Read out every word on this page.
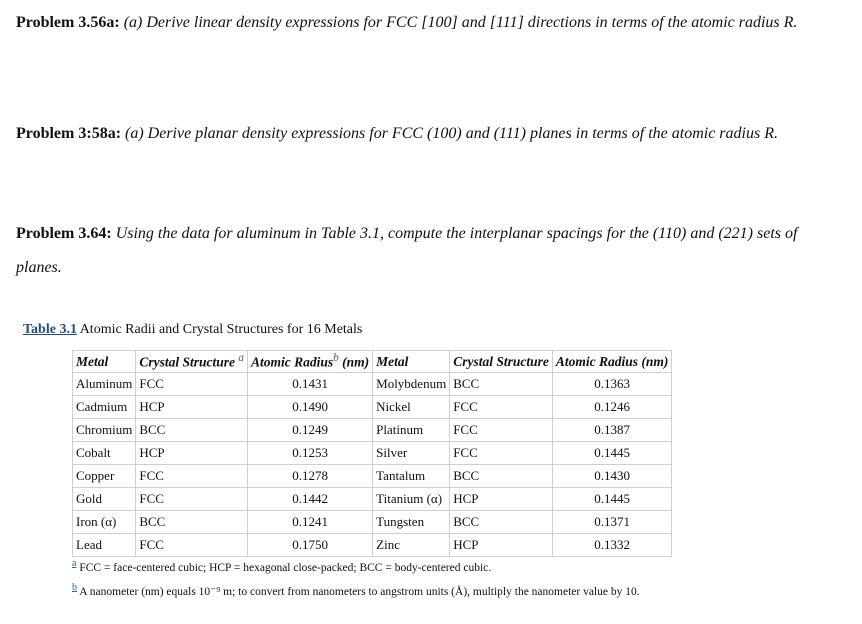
Problem 3.56a: (a) Derive linear density expressions for FCC [100] and [111] directions in terms of the atomic radius R.
Problem 3:58a: (a) Derive planar density expressions for FCC (100) and (111) planes in terms of the atomic radius R.
Problem 3.64: Using the data for aluminum in Table 3.1, compute the interplanar spacings for the (110) and (221) sets of planes.
Table 3.1 Atomic Radii and Crystal Structures for 16 Metals
Metal	Crystal Structure $^a$	Atomic Radius$^b$ (nm)	Metal	Crystal Structure	Atomic Radius (nm)
Aluminum	FCC	0.1431	Molybdenum	BCC	0.1363
Cadmium	HCP	0.1490	Nickel	FCC	0.1246
Chromium	BCC	0.1249	Platinum	FCC	0.1387
Cobalt	HCP	0.1253	Silver	FCC	0.1445
Copper	FCC	0.1278	Tantalum	BCC	0.1430
Gold	FCC	0.1442	Titanium (α)	HCP	0.1445
Iron (α)	BCC	0.1241	Tungsten	BCC	0.1371
Lead	FCC	0.1750	Zinc	HCP	0.1332
a FCC = face-centered cubic; HCP = hexagonal close-packed; BCC = body-centered cubic.
b A nanometer (nm) equals 10⁻⁹ m; to convert from nanometers to angstrom units (Å), multiply the nanometer value by 10.
